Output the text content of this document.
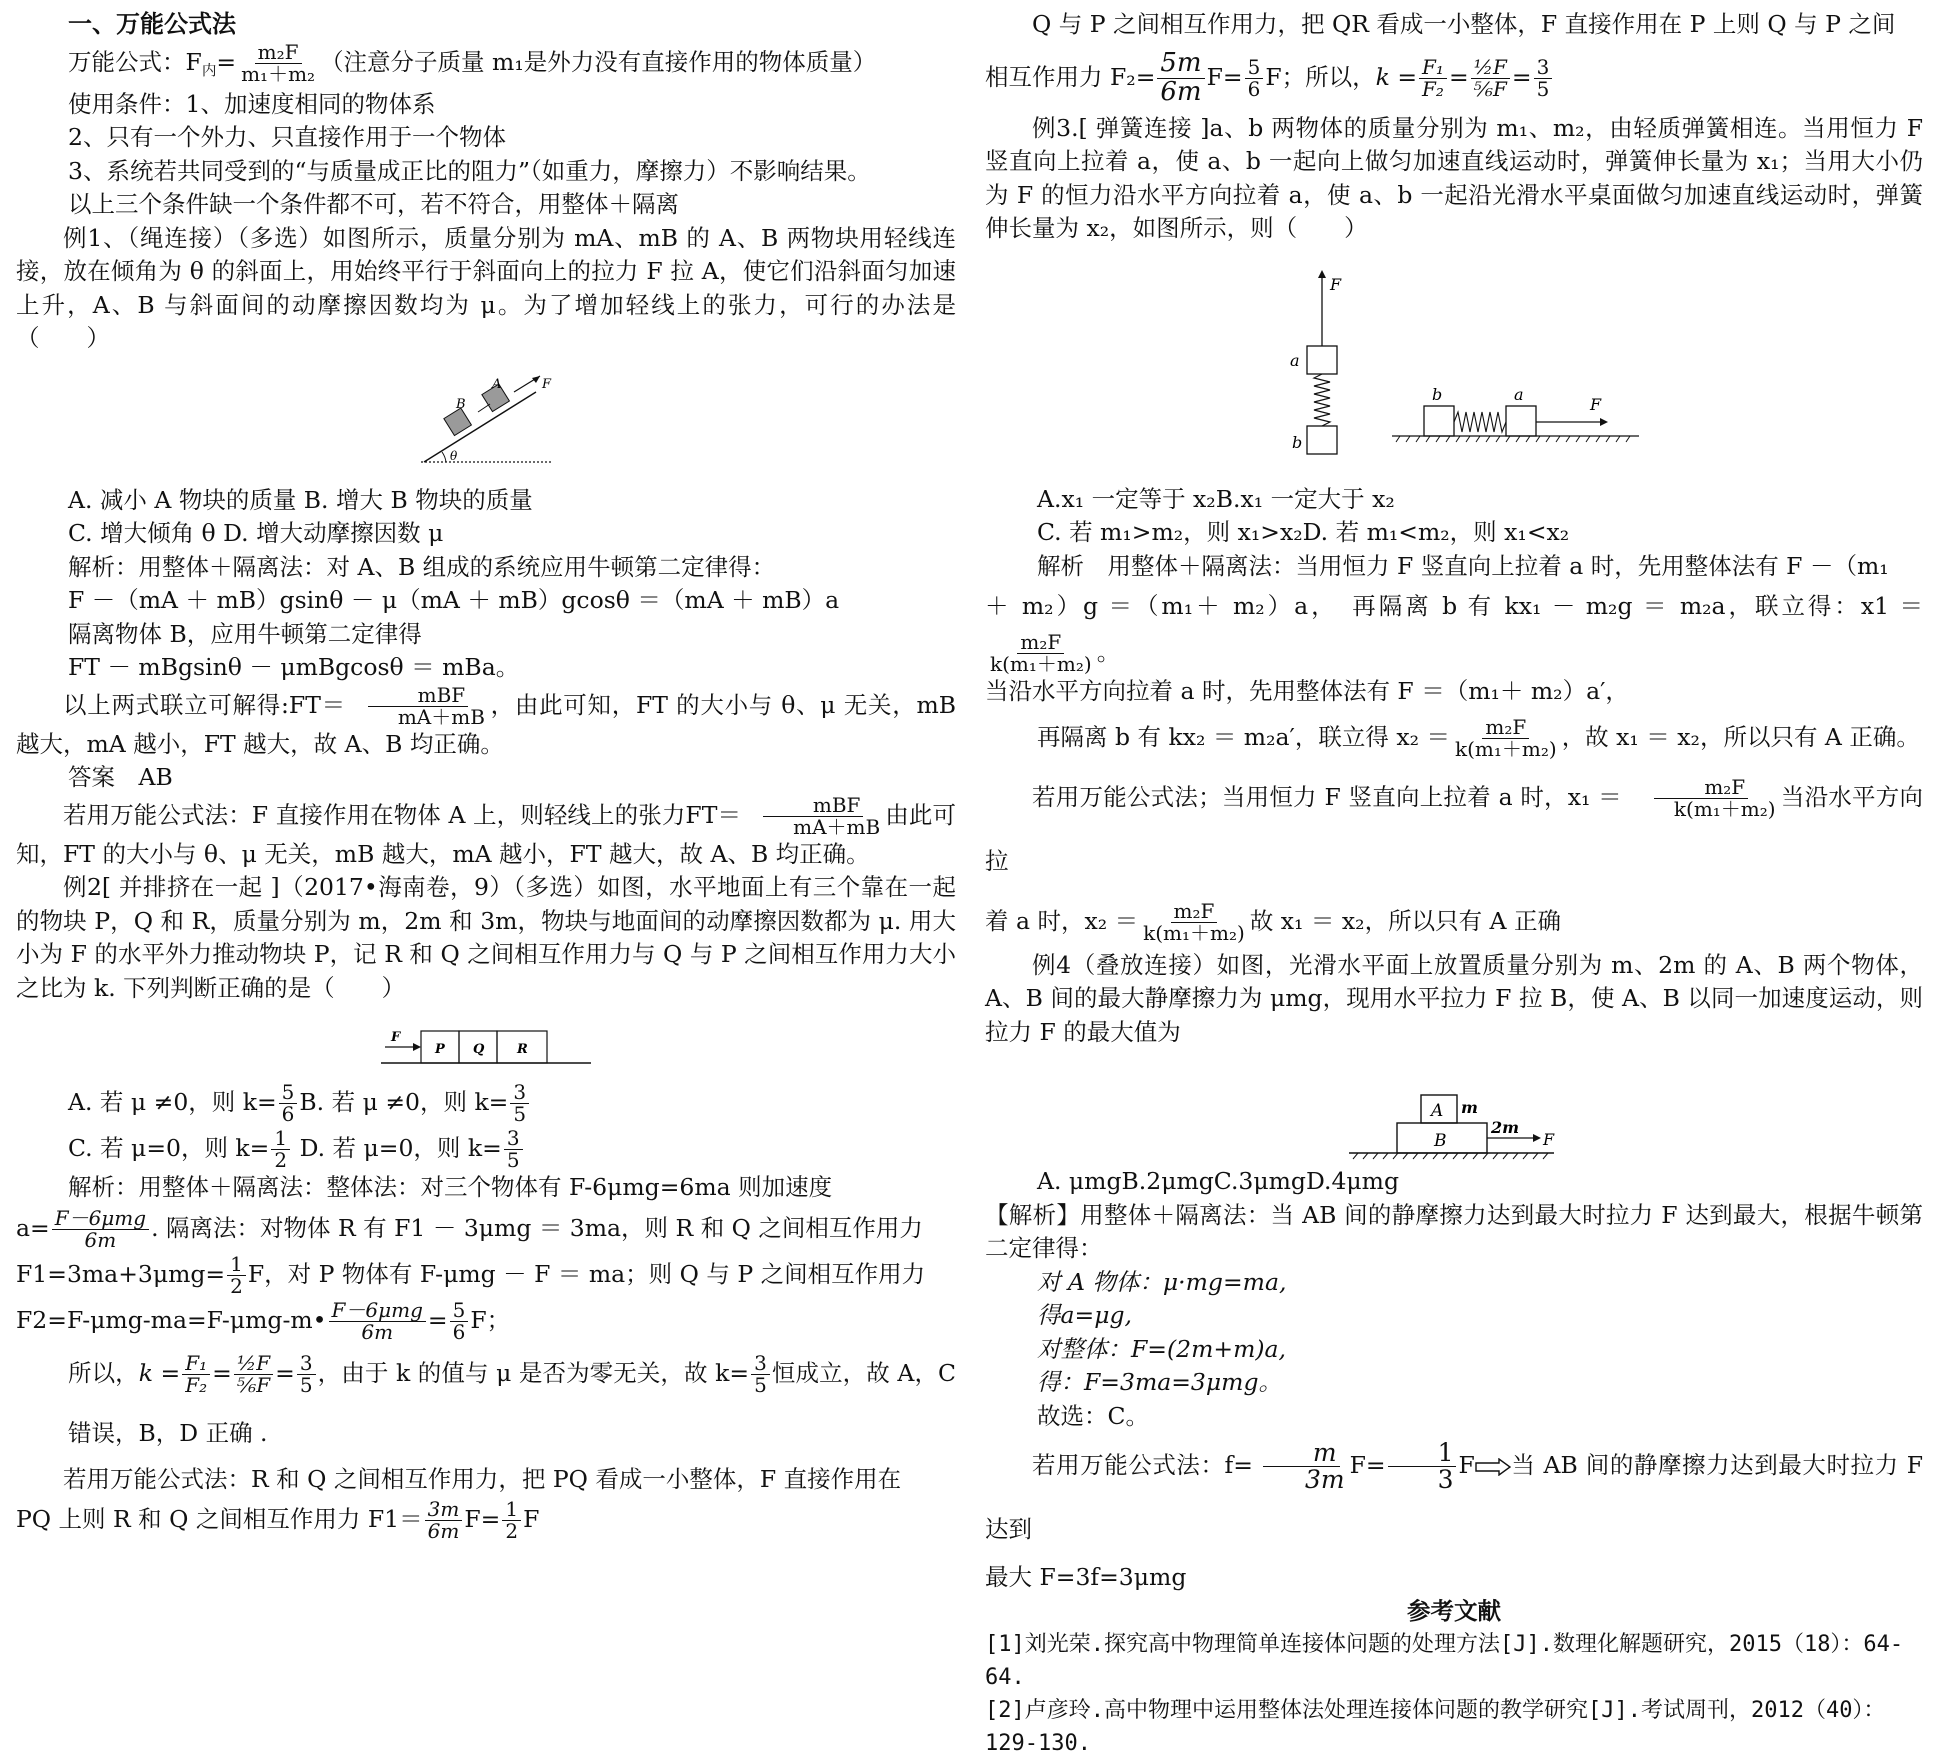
一、万能公式法

万能公式：$F_内= \frac{\text{m₂F}}{\text{m₁＋m₂}}$ （注意分子质量 m₁是外力没有直接作用的物体质量）

使用条件：1、加速度相同的物体系

2、只有一个外力、只直接作用于一个物体

3、系统若共同受到的“与质量成正比的阻力”（如重力，摩擦力）不影响结果。

以上三个条件缺一个条件都不可，若不符合，用整体＋隔离

例1、（绳连接）（多选）如图所示，质量分别为 mA、mB 的 A、B 两物块用轻线连接，放在倾角为 θ 的斜面上，用始终平行于斜面向上的拉力 F 拉 A，使它们沿斜面匀加速上升，A、B 与斜面间的动摩擦因数均为 μ。为了增加轻线上的张力，可行的办法是（　　）

B
A	F
θ

A. 减小 A 物块的质量 B. 增大 B 物块的质量

C. 增大倾角 θ D. 增大动摩擦因数 μ

解析：用整体＋隔离法：对 A、B 组成的系统应用牛顿第二定律得：

F －（mA ＋ mB）gsinθ － μ（mA ＋ mB）gcosθ ＝（mA ＋ mB）a

隔离物体 B，应用牛顿第二定律得

FT － mBgsinθ － μmBgcosθ ＝ mBa。

以上两式联立可解得:FT＝ $\frac{\text{mBF}}{mA+mB}$ ，由此可知，FT 的大小与 θ、μ 无关，mB 越大，mA 越小，FT 越大，故 A、B 均正确。

答案　AB

若用万能公式法：F 直接作用在物体 A 上，则轻线上的张力$FT= \frac{\text{mBF}}{mA+mB}$ 由此可知，FT 的大小与 θ、μ 无关，mB 越大，mA 越小，FT 越大，故 A、B 均正确。

例2[ 并排挤在一起 ]（2017•海南卷，9）（多选）如图，水平地面上有三个靠在一起的物块 P，Q 和 R，质量分别为 m，2m 和 3m，物块与地面间的动摩擦因数都为 μ. 用大小为 F 的水平外力推动物块 P，记 R 和 Q 之间相互作用力与 Q 与 P 之间相互作用力大小之比为 k. 下列判断正确的是（　　）

F
P Q	R

A. 若 μ ≠0，则 $k= \frac{5}{6} B$. 若 μ ≠0，则 $k= \frac{3}{5}$

C. 若 μ=0，则 $k= \frac{1}{2} D$. 若 μ=0，则 $k= \frac{3}{5}$

解析：用整体＋隔离法：整体法：对三个物体有 F-6μmg=6ma 则加速度

$a= \frac{\text{F－6μmg}}{6m}$ . 隔离法：对物体 R 有 F1 － 3μmg ＝ 3ma，则 R 和 Q 之间相互作用力

$F1=3ma+3\mu mg= \frac{1}{2}$ F，对 P 物体有 F-μmg － F ＝ ma；则 Q 与 P 之间相互作用力

F2=F-μmg-ma=F-μmg-m• $\frac{\text{F－6μmg}}{6m} = \frac{5}{6}$ F；

所以，$k = \frac{\text{F₁}}{\text{F₂}} = \frac{\text{½F}}{\text{⅚F}} = \frac{3}{5}$ ，由于 k 的值与 μ 是否为零无关，故 $k= \frac{3}{5}$ 恒成立，故 A，C 错误，B，D 正确 .

若用万能公式法：R 和 Q 之间相互作用力，把 PQ 看成一小整体，F 直接作用在

PQ 上则 R 和 Q 之间相互作用力 $F1= \frac{3m}{6m} F= \frac{1}{2}$ F

Q 与 P 之间相互作用力，把 QR 看成一小整体，F 直接作用在 P 上则 Q 与 P 之间

相互作用力 $F_2= \frac{5m}{6m} F= \frac{5}{6}$ F；所以，$k = \frac{\text{F₁}}{\text{F₂}} = \frac{\text{½F}}{\text{⅚F}} = \frac{3}{5}$

例3.[ 弹簧连接 ]a、b 两物体的质量分别为 m₁、m₂，由轻质弹簧相连。当用恒力 F 竖直向上拉着 a，使 a、b 一起向上做匀加速直线运动时，弹簧伸长量为 x₁；当用大小仍为 F 的恒力沿水平方向拉着 a，使 a、b 一起沿光滑水平桌面做匀加速直线运动时，弹簧伸长量为 x₂，如图所示，则（　　）

F
a
b
b	a
F

A.x₁ 一定等于 x₂B.x₁ 一定大于 x₂

C. 若 m₁>m₂，则 x₁>x₂D. 若 m₁<m₂，则 x₁<x₂

解析　用整体＋隔离法：当用恒力 F 竖直向上拉着 a 时，先用整体法有 F －（m₁

＋ m₂）g ＝（m₁＋ m₂）a，　再隔离 b 有 kx₁ － m₂g ＝ m₂a，联立得：x1 ＝
$\frac{\text{m₂F}}{\text{k(m₁＋m₂)}}$ 。

当沿水平方向拉着 a 时，先用整体法有 F ＝（m₁＋ m₂）a′，

再隔离 b 有 kx₂ ＝ m₂a′，联立得 $x_2 = \frac{\text{m₂F}}{\text{k(m₁＋m₂)}}$ ，故 x₁ ＝ x₂，所以只有 A 正确。

若用万能公式法；当用恒力 F 竖直向上拉着 a 时，$x_1 = \frac{\text{m₂F}}{\text{k(m₁＋m₂)}}$ 当沿水平方向拉

着 a 时，$x_2 = \frac{\text{m₂F}}{\text{k(m₁＋m₂)}}$ 故 x₁ ＝ x₂，所以只有 A 正确

例4（叠放连接）如图，光滑水平面上放置质量分别为 m、2m 的 A、B 两个物体，A、B 间的最大静摩擦力为 μmg，现用水平拉力 F 拉 B，使 A、B 以同一加速度运动，则拉力 F 的最大值为

A m
B
2m
F

A. μmgB.2μmgC.3μmgD.4μmg

【解析】用整体＋隔离法：当 AB 间的静摩擦力达到最大时拉力 F 达到最大，根据牛顿第二定律得：

对 A 物体：μ·mg=ma,

得a=μg,

对整体：F=(2m+m)a,

得：F=3ma=3μmg。

故选：C。

若用万能公式法：$f= \frac{m}{3m} F= \frac{1}{3}$ F 当 AB 间的静摩擦力达到最大时拉力 F 达到

最大 F=3f=3μmg

参考文献

[1]刘光荣.探究高中物理简单连接体问题的处理方法[J].数理化解题研究，2015（18）：64-64.

[2]卢彦玲.高中物理中运用整体法处理连接体问题的教学研究[J].考试周刊，2012（40）：129-130.
